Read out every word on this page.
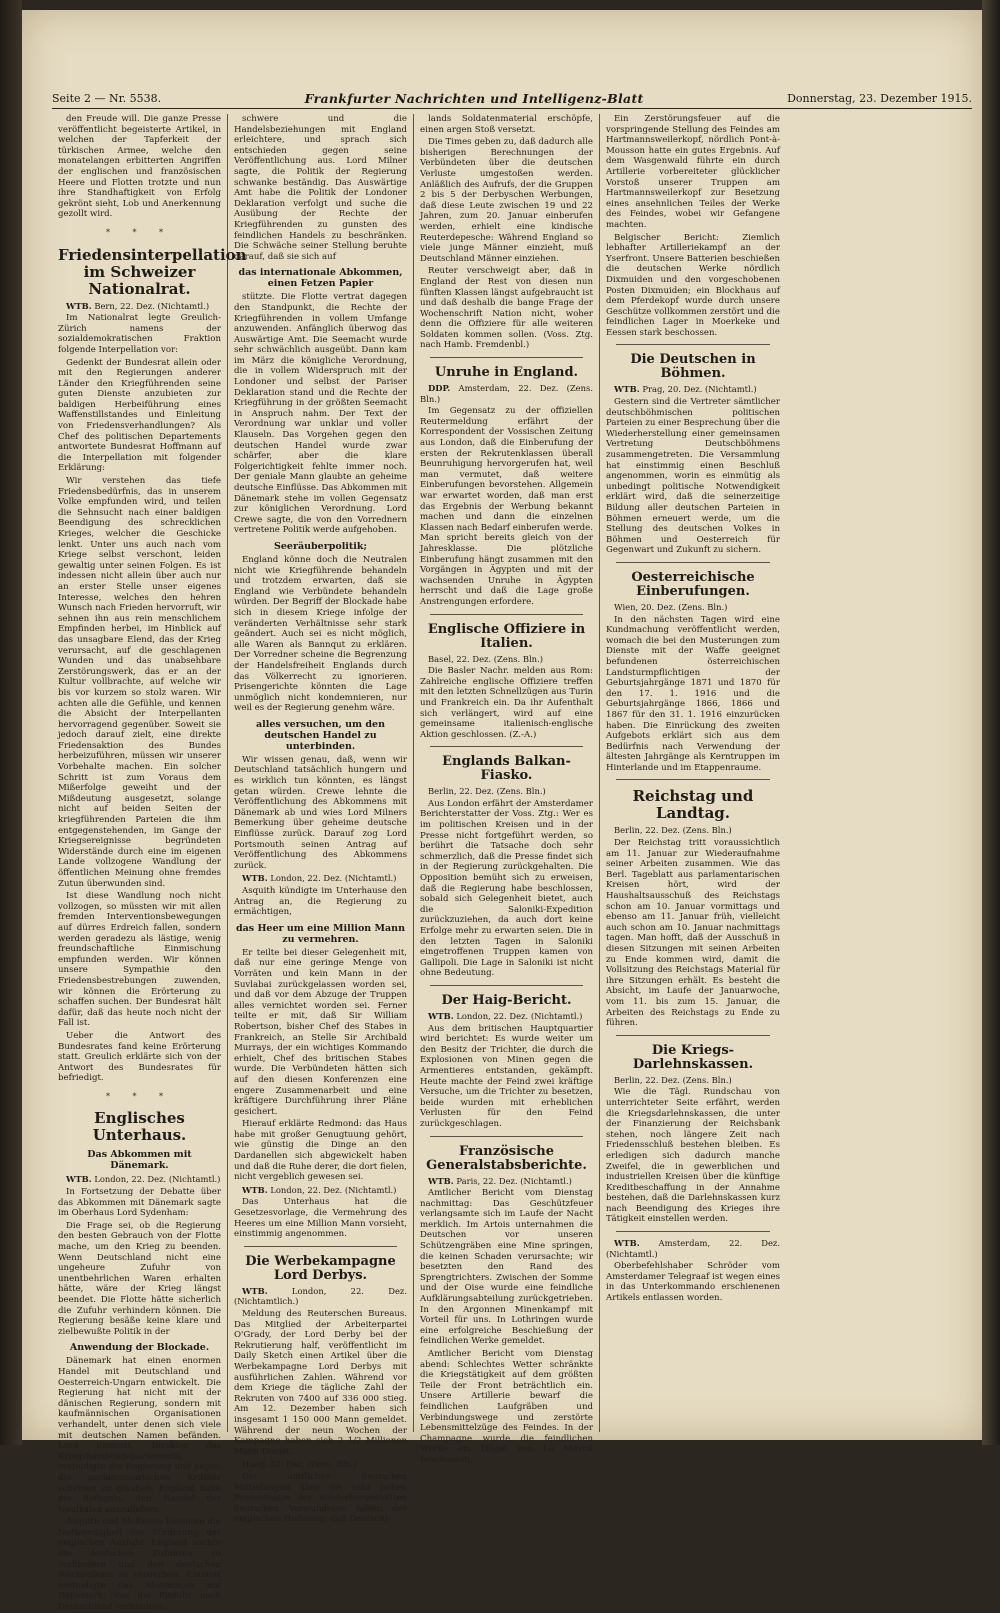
Seite 2 — Nr. 5538.	Frankfurter Nachrichten und Intelligenz-Blatt	Donnerstag, 23. Dezember 1915.

den Freude will. Die ganze Presse veröffentlicht begeisterte Artikel, in welchen der Tapferkeit der türkischen Armee, welche den monatelangen erbitterten Angriffen der englischen und französischen Heere und Flotten trotzte und nun ihre Standhaftigkeit von Erfolg gekrönt sieht, Lob und Anerkennung gezollt wird.

* * *
Friedensinterpellation im Schweizer Nationalrat.

WTB. Bern, 22. Dez. (Nichtamtl.)

Im Nationalrat legte Greulich-Zürich namens der sozialdemokratischen Fraktion folgende Interpellation vor:

Gedenkt der Bundesrat allein oder mit den Regierungen anderer Länder den Kriegführenden seine guten Dienste anzubieten zur baldigen Herbeiführung eines Waffenstillstandes und Einleitung von Friedensverhandlungen? Als Chef des politischen Departements antwortete Bundesrat Hoffmann auf die Interpellation mit folgender Erklärung:

Wir verstehen das tiefe Friedensbedürfnis, das in unserem Volke empfunden wird, und teilen die Sehnsucht nach einer baldigen Beendigung des schrecklichen Krieges, welcher die Geschicke lenkt. Unter uns auch nach vom Kriege selbst verschont, leiden gewaltig unter seinen Folgen. Es ist indessen nicht allein über auch nur an erster Stelle unser eigenes Interesse, welches den hehren Wunsch nach Frieden hervorruft, wir sehnen ihn aus rein menschlichem Empfinden herbei, im Hinblick auf das unsagbare Elend, das der Krieg verursacht, auf die geschlagenen Wunden und das unabsehbare Zerstörungswerk, das er an der Kultur vollbrachte, auf welche wir bis vor kurzem so stolz waren. Wir achten alle die Gefühle, und kennen die Absicht der Interpellanten hervorragend gegenüber. Soweit sie jedoch darauf zielt, eine direkte Friedensaktion des Bundes herbeizuführen, müssen wir unserer Vorbehalte machen. Ein solcher Schritt ist zum Voraus dem Mißerfolge geweiht und der Mißdeutung ausgesetzt, solange nicht auf beiden Seiten der kriegführenden Parteien die ihm entgegenstehenden, im Gange der Kriegsereignisse begründeten Widerstände durch eine im eigenen Lande vollzogene Wandlung der öffentlichen Meinung ohne fremdes Zutun überwunden sind.

Ist diese Wandlung noch nicht vollzogen, so müssten wir mit allen fremden Interventionsbewegungen auf dürres Erdreich fallen, sondern werden geradezu als lästige, wenig freundschaftliche Einmischung empfunden werden. Wir können unsere Sympathie den Friedensbestrebungen zuwenden, wir können die Erörterung zu schaffen suchen. Der Bundesrat hält dafür, daß das heute noch nicht der Fall ist.

Ueber die Antwort des Bundesrates fand keine Erörterung statt. Greulich erklärte sich von der Antwort des Bundesrates für befriedigt.

* * *
Englisches Unterhaus.
Das Abkommen mit Dänemark.

WTB. London, 22. Dez. (Nichtamtl.)

In Fortsetzung der Debatte über das Abkommen mit Dänemark sagte im Oberhaus Lord Sydenham:

Die Frage sei, ob die Regierung den besten Gebrauch von der Flotte mache, um den Krieg zu beenden. Wenn Deutschland nicht eine ungeheure Zufuhr von unentbehrlichen Waren erhalten hätte, wäre der Krieg längst beendet. Die Flotte hätte sicherlich die Zufuhr verhindern können. Die Regierung besäße keine klare und zielbewußte Politik in der

Anwendung der Blockade.

Dänemark hat einen enormen Handel mit Deutschland und Oesterreich-Ungarn entwickelt. Die Regierung hat nicht mit der dänischen Regierung, sondern mit kaufmännischen Organisationen verhandelt, unter denen sich viele mit deutschen Namen befänden. Lord Emmott, Direktor des Kriegshandelsdepartements, verteidigte die Regierung und sagte: die parlamentarischen Kritiker scheinen zu glauben, England habe die Befugnis, den Handel der Neutralen auszuliefern.

Asquith und McKenna betonten die Notwendigkeit der Förderung der englischen Ausfuhr. England suchte die deutschen Zufuhren zu verhindern und den deutschen Wechselkurs zu verderben. Emmott verteidigte das Abkommen mit Dänemark, das die Einfuhr nach Deutschland verhindere.

schwere und die Handelsbeziehungen mit England erleichtere, und sprach sich entschieden gegen seine Veröffentlichung aus. Lord Milner sagte, die Politik der Regierung schwanke beständig. Das Auswärtige Amt habe die Politik der Londoner Deklaration verfolgt und suche die Ausübung der Rechte der Kriegführenden zu gunsten des feindlichen Handels zu beschränken. Die Schwäche seiner Stellung beruhte darauf, daß sie sich auf

das internationale Abkommen, einen Fetzen Papier

stützte. Die Flotte vertrat dagegen den Standpunkt, die Rechte der Kriegführenden in vollem Umfange anzuwenden. Anfänglich überwog das Auswärtige Amt. Die Seemacht wurde sehr schwächlich ausgeübt. Dann kam im März die königliche Verordnung, die in vollem Widerspruch mit der Londoner und selbst der Pariser Deklaration stand und die Rechte der Kriegführung in der größten Seemacht in Anspruch nahm. Der Text der Verordnung war unklar und voller Klauseln. Das Vorgehen gegen den deutschen Handel wurde zwar schärfer, aber die klare Folgerichtigkeit fehlte immer noch. Der geniale Mann glaubte an geheime deutsche Einflüsse. Das Abkommen mit Dänemark stehe im vollen Gegensatz zur königlichen Verordnung. Lord Crewe sagte, die von den Vorrednern vertretene Politik werde aufgehoben.

Seeräuberpolitik;

England könne doch die Neutralen nicht wie Kriegführende behandeln und trotzdem erwarten, daß sie England wie Verbündete behandeln würden. Der Begriff der Blockade habe sich in diesem Kriege infolge der veränderten Verhältnisse sehr stark geändert. Auch sei es nicht möglich, alle Waren als Bannqut zu erklären. Der Vorredner scheine die Begrenzung der Handelsfreiheit Englands durch das Völkerrecht zu ignorieren. Prisengerichte könnten die Lage unmöglich nicht kondemnieren, nur weil es der Regierung genehm wäre.

alles versuchen, um den deutschen Handel zu unterbinden.

Wir wissen genau, daß, wenn wir Deutschland tatsächlich hungern und es wirklich tun könnten, es längst getan würden. Crewe lehnte die Veröffentlichung des Abkommens mit Dänemark ab und wies Lord Milners Bemerkung über geheime deutsche Einflüsse zurück. Darauf zog Lord Portsmouth seinen Antrag auf Veröffentlichung des Abkommens zurück.

WTB. London, 22. Dez. (Nichtamtl.)

Asquith kündigte im Unterhause den Antrag an, die Regierung zu ermächtigen,

das Heer um eine Million Mann zu vermehren.

Er teilte bei dieser Gelegenheit mit, daß nur eine geringe Menge von Vorräten und kein Mann in der Suvlabai zurückgelassen worden sei, und daß vor dem Abzuge der Truppen alles vernichtet worden sei. Ferner teilte er mit, daß Sir William Robertson, bisher Chef des Stabes in Frankreich, an Stelle Sir Archibald Murrays, der ein wichtiges Kommando erhielt, Chef des britischen Stabes wurde. Die Verbündeten hätten sich auf den diesen Konferenzen eine engere Zusammenarbeit und eine kräftigere Durchführung ihrer Pläne gesichert.

Hierauf erklärte Redmond: das Haus habe mit großer Genugtuung gehört, wie günstig die Dinge an den Dardanellen sich abgewickelt haben und daß die Ruhe derer, die dort fielen, nicht vergeblich gewesen sei.

WTB. London, 22. Dez. (Nichtamtl.)

Das Unterhaus hat die Gesetzesvorlage, die Vermehrung des Heeres um eine Million Mann vorsieht, einstimmig angenommen.

Die Werbekampagne Lord Derbys.

WTB.	London, 22. Dez. (Nichtamtlich.)

Meldung des Reuterschen Bureaus. Das Mitglied der Arbeiterpartei O'Grady, der Lord Derby bei der Rekrutierung half, veröffentlicht im Daily Sketch einen Artikel über die Werbekampagne Lord Derbys mit ausführlichen Zahlen. Während vor dem Kriege die tägliche Zahl der Rekruten von 7400 auf 336 000 stieg. Am 12. Dezember haben sich insgesamt 1 150 000 Mann gemeldet. Während der neun Wochen der Kampagne haben sich 2 1/2 Millionen Mann Dienst.

Haag, 22. Dez. (Zens. Bln.)

Die amtlichen deutschen Mitteilungen über die sehr hohen Prozentsätze der wiederhergestellten deutschen Verwundeten haben der englischen Hoffnung, daß Deutschl-

lands Soldatenmaterial erschöpfe, einen argen Stoß versetzt.

Die Times geben zu, daß dadurch alle bisherigen Berechnungen der Verbündeten über die deutschen Verluste umgestoßen werden. Anläßlich des Aufrufs, der die Gruppen 2 bis 5 der Derbyschen Werbungen, daß diese Leute zwischen 19 und 22 Jahren, zum 20. Januar einberufen werden, erhielt eine kindische Reuterdepesche: Während England so viele junge Männer einzieht, muß Deutschland Männer einziehen.

Reuter verschweigt aber, daß in England der Rest von diesen nun fünften Klassen längst aufgebraucht ist und daß deshalb die bange Frage der Wochenschrift Nation nicht, woher denn die Offiziere für alle weiteren Soldaten kommen sollen. (Voss. Ztg. nach Hamb. Fremdenbl.)

Unruhe in England.

DDP. Amsterdam, 22. Dez. (Zens. Bln.)

Im Gegensatz zu der offiziellen Reutermeldung erfährt der Korrespondent der Vossischen Zeitung aus London, daß die Einberufung der ersten der Rekrutenklassen überall Beunruhigung hervorgerufen hat, weil man vermutet, daß weitere Einberufungen bevorstehen. Allgemein war erwartet worden, daß man erst das Ergebnis der Werbung bekannt machen und dann die einzelnen Klassen nach Bedarf einberufen werde. Man spricht bereits gleich von der Jahresklasse. Die plötzliche Einberufung hängt zusammen mit den Vorgängen in Ägypten und mit der wachsenden Unruhe in Ägypten herrscht und daß die Lage große Anstrengungen erfordere.

Englische Offiziere in Italien.

Basel, 22. Dez. (Zens. Bln.)

Die Basler Nachr. melden aus Rom: Zahlreiche englische Offiziere treffen mit den letzten Schnellzügen aus Turin und Frankreich ein. Da ihr Aufenthalt sich verlängert, wird auf eine gemeinsame italienisch-englische Aktion geschlossen. (Z.-A.)

Englands Balkan-Fiasko.

Berlin, 22. Dez. (Zens. Bln.)

Aus London erfährt der Amsterdamer Berichterstatter der Voss. Ztg.: Wer es im politischen Kreisen und in der Presse nicht fortgeführt werden, so berührt die Tatsache doch sehr schmerzlich, daß die Presse findet sich in der Regierung zurückgehalten. Die Opposition bemüht sich zu erweisen, daß die Regierung habe beschlossen, sobald sich Gelegenheit bietet, auch die Saloniki-Expedition zurückzuziehen, da auch dort keine Erfolge mehr zu erwarten seien. Die in den letzten Tagen in Saloniki eingetroffenen Truppen kamen von Gallipoli. Die Lage in Saloniki ist nicht ohne Bedeutung.

Der Haig-Bericht.

WTB. London, 22. Dez. (Nichtamtl.)

Aus dem britischen Hauptquartier wird berichtet: Es wurde weiter um den Besitz der Trichter, die durch die Explosionen von Minen gegen die Armentieres entstanden, gekämpft. Heute machte der Feind zwei kräftige Versuche, um die Trichter zu besetzen, beide wurden mit erheblichen Verlusten für den Feind zurückgeschlagen.

Französische Generalstabsberichte.

WTB. Paris, 22. Dez. (Nichtamtl.)

Amtlicher Bericht vom Dienstag nachmittag: Das Geschützfeuer verlangsamte sich im Laufe der Nacht merklich. Im Artois unternahmen die Deutschen vor unseren Schützengräben eine Mine springen, die keinen Schaden verursachte; wir besetzten den Rand des Sprengtrichters. Zwischen der Somme und der Oise wurde eine feindliche Aufklärungsabteilung zurückgetrieben. In den Argonnen Minenkampf mit Vorteil für uns. In Lothringen wurde eine erfolgreiche Beschießung der feindlichen Werke gemeldet.

Amtlicher Bericht vom Dienstag abend: Schlechtes Wetter schränkte die Kriegstätigkeit auf dem größten Teile der Front beträchtlich ein. Unsere Artillerie bewarf die feindlichen Laufgräben und Verbindungswege und zerstörte Lebensmittelzüge des Feindes. In der Champagne wurde die feindlichen Werke am Hügel von Le Mesnil beschossen.

Ein Zerstörungsfeuer auf die vorspringende Stellung des Feindes am Hartmannsweilerkopf, nördlich Pont-à-Mousson hatte ein gutes Ergebnis. Auf dem Wasgenwald führte ein durch Artillerie vorbereiteter glücklicher Vorstoß unserer Truppen am Hartmannsweilerkopf zur Besetzung eines ansehnlichen Teiles der Werke des Feindes, wobei wir Gefangene machten.

Belgischer Bericht: Ziemlich lebhafter Artilleriekampf an der Yserfront. Unsere Batterien beschießen die deutschen Werke nördlich Dixmuiden und den vorgeschobenen Posten Dixmuiden; ein Blockhaus auf dem Pferdekopf wurde durch unsere Geschütze vollkommen zerstört und die feindlichen Lager in Moerkeke und Eessen stark beschossen.

Die Deutschen in Böhmen.

WTB. Prag, 20. Dez. (Nichtamtl.)

Gestern sind die Vertreter sämtlicher deutschböhmischen politischen Parteien zu einer Besprechung über die Wiederherstellung einer gemeinsamen Vertretung Deutschböhmens zusammengetreten. Die Versammlung hat einstimmig einen Beschluß angenommen, worin es einmütig als unbedingt politische Notwendigkeit erklärt wird, daß die seinerzeitige Bildung aller deutschen Parteien in Böhmen erneuert werde, um die Stellung des deutschen Volkes in Böhmen und Oesterreich für Gegenwart und Zukunft zu sichern.

Oesterreichische Einberufungen.

Wien, 20. Dez. (Zens. Bln.)

In den nächsten Tagen wird eine Kundmachung veröffentlicht werden, womach die bei den Musterungen zum Dienste mit der Waffe geeignet befundenen österreichischen Landsturmpflichtigen der Geburtsjahrgänge 1871 und 1870 für den 17. 1. 1916 und die Geburtsjahrgänge 1866, 1866 und 1867 für den 31. 1. 1916 einzurücken haben. Die Einrückung des zweiten Aufgebots erklärt sich aus dem Bedürfnis nach Verwendung der ältesten Jahrgänge als Kerntruppen im Hinterlande und im Etappenraume.

Reichstag und Landtag.

Berlin, 22. Dez. (Zens. Bln.)

Der Reichstag tritt voraussichtlich am 11. Januar zur Wiederaufnahme seiner Arbeiten zusammen. Wie das Berl. Tageblatt aus parlamentarischen Kreisen hört, wird der Haushaltsausschuß des Reichstags schon am 10. Januar vormittags und ebenso am 11. Januar früh, vielleicht auch schon am 10. Januar nachmittags tagen. Man hofft, daß der Ausschuß in diesen Sitzungen mit seinen Arbeiten zu Ende kommen wird, damit die Vollsitzung des Reichstags Material für ihre Sitzungen erhält. Es besteht die Absicht, im Laufe der Januarwoche, vom 11. bis zum 15. Januar, die Arbeiten des Reichstags zu Ende zu führen.

Die Kriegs-Darlehnskassen.

Berlin, 22. Dez. (Zens. Bln.)

Wie die Tägl. Rundschau von unterrichteter Seite erfährt, werden die Kriegsdarlehnskassen, die unter der Finanzierung der Reichsbank stehen, noch längere Zeit nach Friedensschluß bestehen bleiben. Es erledigen sich dadurch manche Zweifel, die in gewerblichen und industriellen Kreisen über die künftige Kreditbeschaffung in der Annahme bestehen, daß die Darlehnskassen kurz nach Beendigung des Krieges ihre Tätigkeit einstellen werden.

WTB. Amsterdam, 22. Dez. (Nichtamtl.)

Oberbefehlshaber Schröder vom Amsterdamer Telegraaf ist wegen eines in das Unterkommando erschienenen Artikels entlassen worden.
